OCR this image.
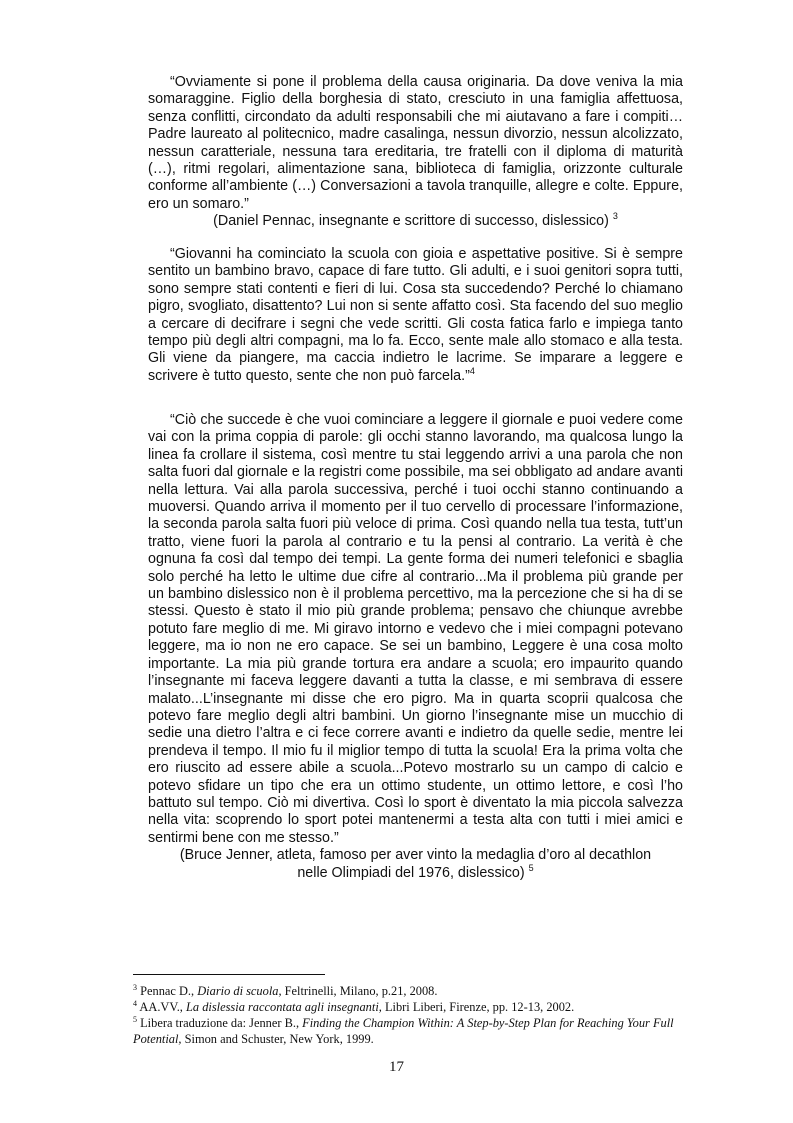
“Ovviamente si pone il problema della causa originaria. Da dove veniva la mia somaraggine. Figlio della borghesia di stato, cresciuto in una famiglia affettuosa, senza conflitti, circondato da adulti responsabili che mi aiutavano a fare i compiti…Padre laureato al politecnico, madre casalinga, nessun divorzio, nessun alcolizzato, nessun caratteriale, nessuna tara ereditaria, tre fratelli con il diploma di maturità (…), ritmi regolari, alimentazione sana, biblioteca di famiglia, orizzonte culturale conforme all’ambiente (…) Conversazioni a tavola tranquille, allegre e colte. Eppure, ero un somaro.”

(Daniel Pennac, insegnante e scrittore di successo, dislessico) $^3$

“Giovanni ha cominciato la scuola con gioia e aspettative positive. Si è sempre sentito un bambino bravo, capace di fare tutto. Gli adulti, e i suoi genitori sopra tutti, sono sempre stati contenti e fieri di lui. Cosa sta succedendo? Perché lo chiamano pigro, svogliato, disattento? Lui non si sente affatto così. Sta facendo del suo meglio a cercare di decifrare i segni che vede scritti. Gli costa fatica farlo e impiega tanto tempo più degli altri compagni, ma lo fa. Ecco, sente male allo stomaco e alla testa. Gli viene da piangere, ma caccia indietro le lacrime. Se imparare a leggere e scrivere è tutto questo, sente che non può farcela.”$^4$

“Ciò che succede è che vuoi cominciare a leggere il giornale e puoi vedere come vai con la prima coppia di parole: gli occhi stanno lavorando, ma qualcosa lungo la linea fa crollare il sistema, così mentre tu stai leggendo arrivi a una parola che non salta fuori dal giornale e la registri come possibile, ma sei obbligato ad andare avanti nella lettura. Vai alla parola successiva, perché i tuoi occhi stanno continuando a muoversi. Quando arriva il momento per il tuo cervello di processare l’informazione, la seconda parola salta fuori più veloce di prima. Così quando nella tua testa, tutt’un tratto, viene fuori la parola al contrario e tu la pensi al contrario. La verità è che ognuna fa così dal tempo dei tempi. La gente forma dei numeri telefonici e sbaglia solo perché ha letto le ultime due cifre al contrario...Ma il problema più grande per un bambino dislessico non è il problema percettivo, ma la percezione che si ha di se stessi. Questo è stato il mio più grande problema; pensavo che chiunque avrebbe potuto fare meglio di me. Mi giravo intorno e vedevo che i miei compagni potevano leggere, ma io non ne ero capace. Se sei un bambino, Leggere è una cosa molto importante. La mia più grande tortura era andare a scuola; ero impaurito quando l’insegnante mi faceva leggere davanti a tutta la classe, e mi sembrava di essere malato...L’insegnante mi disse che ero pigro. Ma in quarta scoprii qualcosa che potevo fare meglio degli altri bambini. Un giorno l’insegnante mise un mucchio di sedie una dietro l’altra e ci fece correre avanti e indietro da quelle sedie, mentre lei prendeva il tempo. Il mio fu il miglior tempo di tutta la scuola! Era la prima volta che ero riuscito ad essere abile a scuola...Potevo mostrarlo su un campo di calcio e potevo sfidare un tipo che era un ottimo studente, un ottimo lettore, e così l’ho battuto sul tempo. Ciò mi divertiva. Così lo sport è diventato la mia piccola salvezza nella vita: scoprendo lo sport potei mantenermi a testa alta con tutti i miei amici e sentirmi bene con me stesso.”

(Bruce Jenner, atleta, famoso per aver vinto la medaglia d’oro al decathlon

nelle Olimpiadi del 1976, dislessico) $^5$

$^3$ Pennac D., Diario di scuola, Feltrinelli, Milano, p.21, 2008.

$^4$ AA.VV., La dislessia raccontata agli insegnanti, Libri Liberi, Firenze, pp. 12-13, 2002.

$^5$ Libera traduzione da: Jenner B., Finding the Champion Within: A Step-by-Step Plan for Reaching Your Full Potential, Simon and Schuster, New York, 1999.

17
